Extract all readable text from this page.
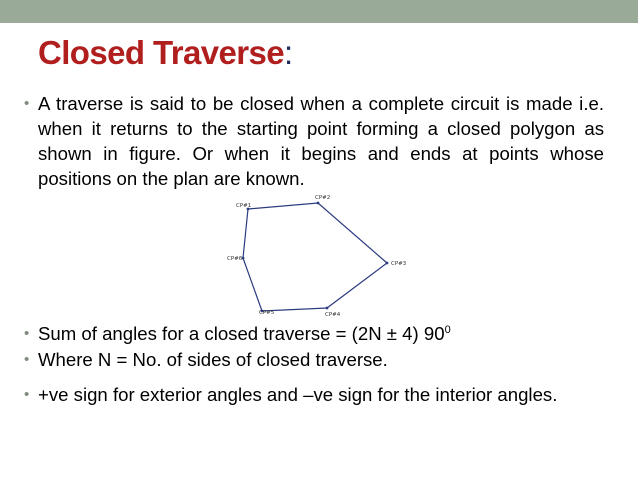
Closed Traverse:
• A traverse is said to be closed when a complete circuit is made i.e. when it returns to the starting point forming a closed polygon as shown in figure. Or when it begins and ends at points whose positions on the plan are known.
CP#1
CP#2
CP#3
CP#4
CP#5
CP#6
• Sum of angles for a closed traverse = (2N ± 4) $90^0$
• Where N = No. of sides of closed traverse.
• +ve sign for exterior angles and –ve sign for the interior angles.
